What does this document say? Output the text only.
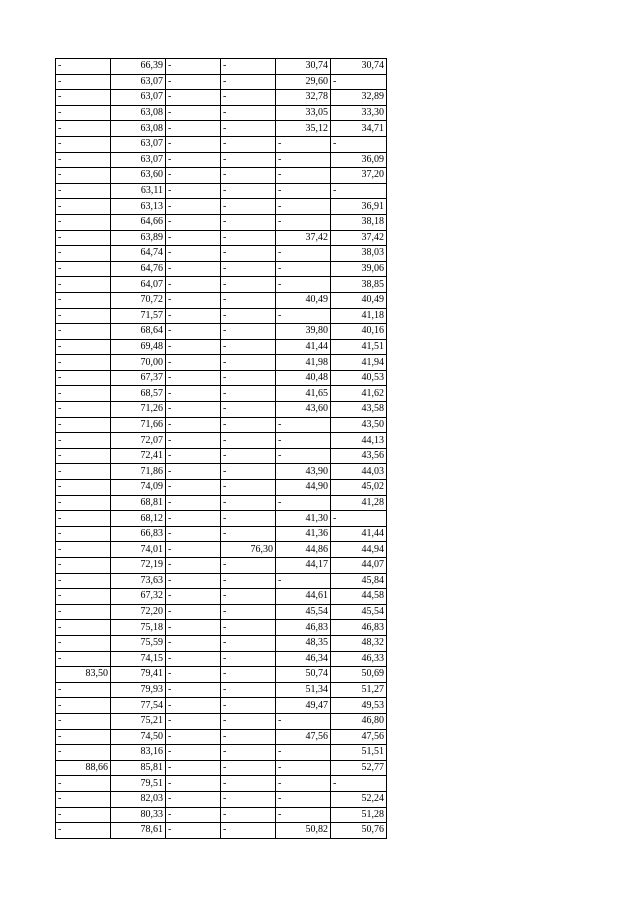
-	66,39	-	-	30,74	30,74
-	63,07	-	-	29,60	-
-	63,07	-	-	32,78	32,89
-	63,08	-	-	33,05	33,30
-	63,08	-	-	35,12	34,71
-	63,07	-	-	-	-
-	63,07	-	-	-	36,09
-	63,60	-	-	-	37,20
-	63,11	-	-	-	-
-	63,13	-	-	-	36,91
-	64,66	-	-	-	38,18
-	63,89	-	-	37,42	37,42
-	64,74	-	-	-	38,03
-	64,76	-	-	-	39,06
-	64,07	-	-	-	38,85
-	70,72	-	-	40,49	40,49
-	71,57	-	-	-	41,18
-	68,64	-	-	39,80	40,16
-	69,48	-	-	41,44	41,51
-	70,00	-	-	41,98	41,94
-	67,37	-	-	40,48	40,53
-	68,57	-	-	41,65	41,62
-	71,26	-	-	43,60	43,58
-	71,66	-	-	-	43,50
-	72,07	-	-	-	44,13
-	72,41	-	-	-	43,56
-	71,86	-	-	43,90	44,03
-	74,09	-	-	44,90	45,02
-	68,81	-	-	-	41,28
-	68,12	-	-	41,30	-
-	66,83	-	-	41,36	41,44
-	74,01	-	76,30	44,86	44,94
-	72,19	-	-	44,17	44,07
-	73,63	-	-	-	45,84
-	67,32	-	-	44,61	44,58
-	72,20	-	-	45,54	45,54
-	75,18	-	-	46,83	46,83
-	75,59	-	-	48,35	48,32
-	74,15	-	-	46,34	46,33
83,50	79,41	-	-	50,74	50,69
-	79,93	-	-	51,34	51,27
-	77,54	-	-	49,47	49,53
-	75,21	-	-	-	46,80
-	74,50	-	-	47,56	47,56
-	83,16	-	-	-	51,51
88,66	85,81	-	-	-	52,77
-	79,51	-	-	-	-
-	82,03	-	-	-	52,24
-	80,33	-	-	-	51,28
-	78,61	-	-	50,82	50,76
